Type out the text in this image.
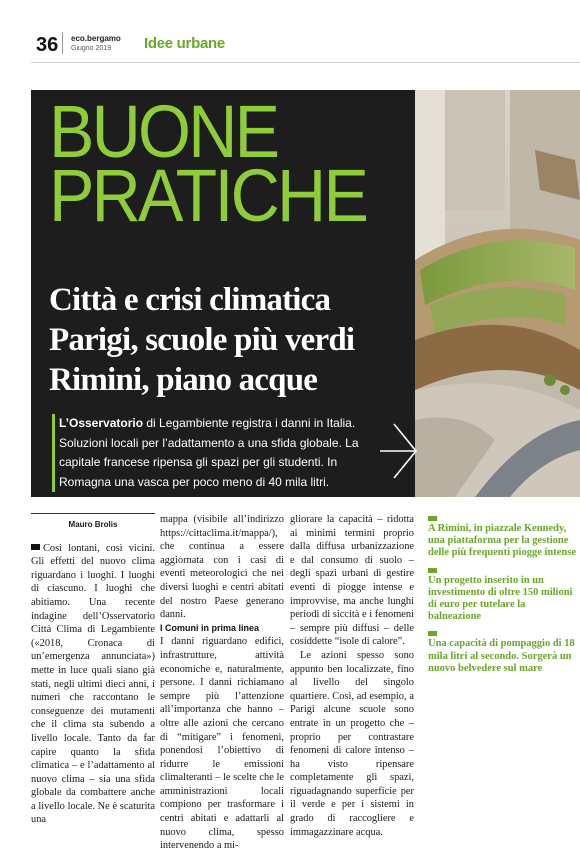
36 eco.bergamo
Giugno 2019 Idee urbane
BUONE
PRATICHE
Città e crisi climatica
Parigi, scuole più verdi
Rimini, piano acque
L’Osservatorio di Legambiente registra i danni in Italia. Soluzioni locali per l’adattamento a una sfida globale. La capitale francese ripensa gli spazi per gli studenti. In Romagna una vasca per poco meno di 40 mila litri.
Mauro Brolis

Così lontani, così vicini. Gli effetti del nuovo clima riguardano i luoghi. I luoghi di ciascuno. I luoghi che abitiamo. Una recente indagine dell’Osservatorio Città Clima di Legambiente («2018, Cronaca di un’emergenza annunciata») mette in luce quali siano già stati, negli ultimi dieci anni, i numeri che raccontano le conseguenze dei mutamenti che il clima sta subendo a livello locale. Tanto da far capire quanto la sfida climatica – e l’adattamento al nuovo clima – sia una sfida globale da combattere anche a livello locale. Ne è scaturita una

mappa (visibile all’indirizzo https://cittaclima.it/mappa/), che continua a essere aggiornata con i casi di eventi meteorologici che nei diversi luoghi e centri abitati del nostro Paese generano danni.

I Comuni in prima linea

I danni riguardano edifici, infrastrutture, attività economiche e, naturalmente, persone. I danni richiamano sempre più l’attenzione all’importanza che hanno – oltre alle azioni che cercano di “mitigare” i fenomeni, ponendosi l’obiettivo di ridurre le emissioni climalteranti – le scelte che le amministrazioni locali compiono per trasformare i centri abitati e adattarli al nuovo clima, spesso intervenendo a mi-

gliorare la capacità – ridotta ai minimi termini proprio dalla diffusa urbanizzazione e dal consumo di suolo – degli spazi urbani di gestire eventi di piogge intense e improvvise, ma anche lunghi periodi di siccità e i fenomeni – sempre più diffusi – delle cosiddette “isole di calore”.

Le azioni spesso sono appunto ben localizzate, fino al livello del singolo quartiere. Così, ad esempio, a Parigi alcune scuole sono entrate in un progetto che – proprio per contrastare fenomeni di calore intenso – ha visto ripensare completamente gli spazi, riguadagnando superficie per il verde e per i sistemi in grado di raccogliere e immagazzinare acqua.

A Rimini, in piazzale Kennedy, una piattaforma per la gestione delle più frequenti piogge intense
Un progetto inserito in un investimento di oltre 150 milioni di euro per tutelare la balneazione
Una capacità di pompaggio di 18 mila litri al secondo. Sorgerà un nuovo belvedere sul mare
